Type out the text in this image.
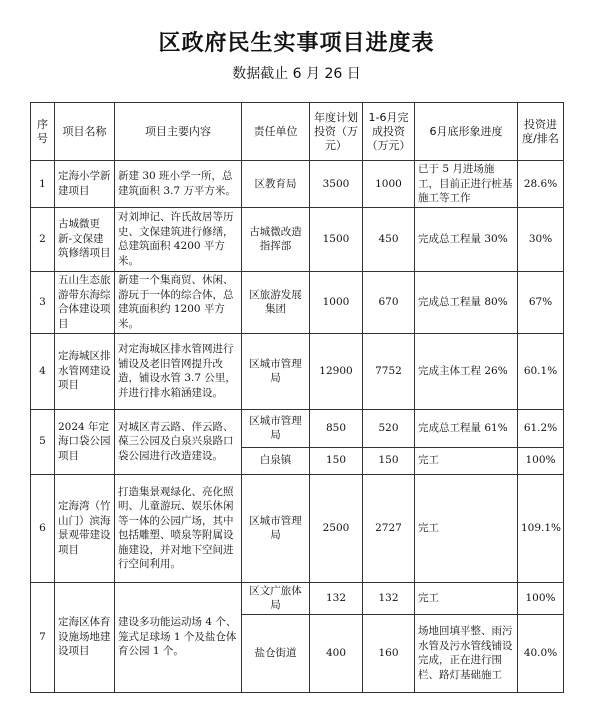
区政府民生实事项目进度表
数据截止 6 月 26 日
序号	项目名称	项目主要内容	责任单位	年度计划投资（万元）	1-6月完成投资（万元）	6月底形象进度	投资进度/排名
1	定海小学新建项目	新建 30 班小学一所，总建筑面积 3.7 万平方米。	区教育局	3500	1000	已于 5 月进场施工，目前正进行桩基施工等工作	28.6%
2	古城微更新-文保建筑修缮项目	对刘坤记、许氏故居等历史、文保建筑进行修缮，总建筑面积 4200 平方米。	古城微改造指挥部	1500	450	完成总工程量 30%	30%
3	五山生态旅游带东海综合体建设项目	新建一个集商贸、休闲、游玩于一体的综合体，总建筑面积约 1200 平方米。	区旅游发展集团	1000	670	完成总工程量 80%	67%
4	定海城区排水管网建设项目	对定海城区排水管网进行铺设及老旧管网提升改造，铺设水管 3.7 公里，并进行排水箱涵建设。	区城市管理局	12900	7752	完成主体工程 26%	60.1%
5	2024 年定海口袋公园项目	对城区青云路、伴云路、葆三公园及白泉兴泉路口袋公园进行改造建设。	区城市管理局	850	520	完成总工程量 61%	61.2%
			白泉镇	150	150	完工	100%
6	定海湾（竹山门）滨海景观带建设项目	打造集景观绿化、亮化照明、儿童游玩、娱乐休闲等一体的公园广场，其中包括雕塑、喷泉等附属设施建设，并对地下空间进行空间利用。	区城市管理局	2500	2727	完工	109.1%
7	定海区体育设施场地建设项目	建设多功能运动场 4 个、笼式足球场 1 个及盐仓体育公园 1 个。	区文广旅体局	132	132	完工	100%
			盐仓街道	400	160	场地回填平整、雨污水管及污水管线铺设完成，正在进行围栏、路灯基础施工	40.0%
